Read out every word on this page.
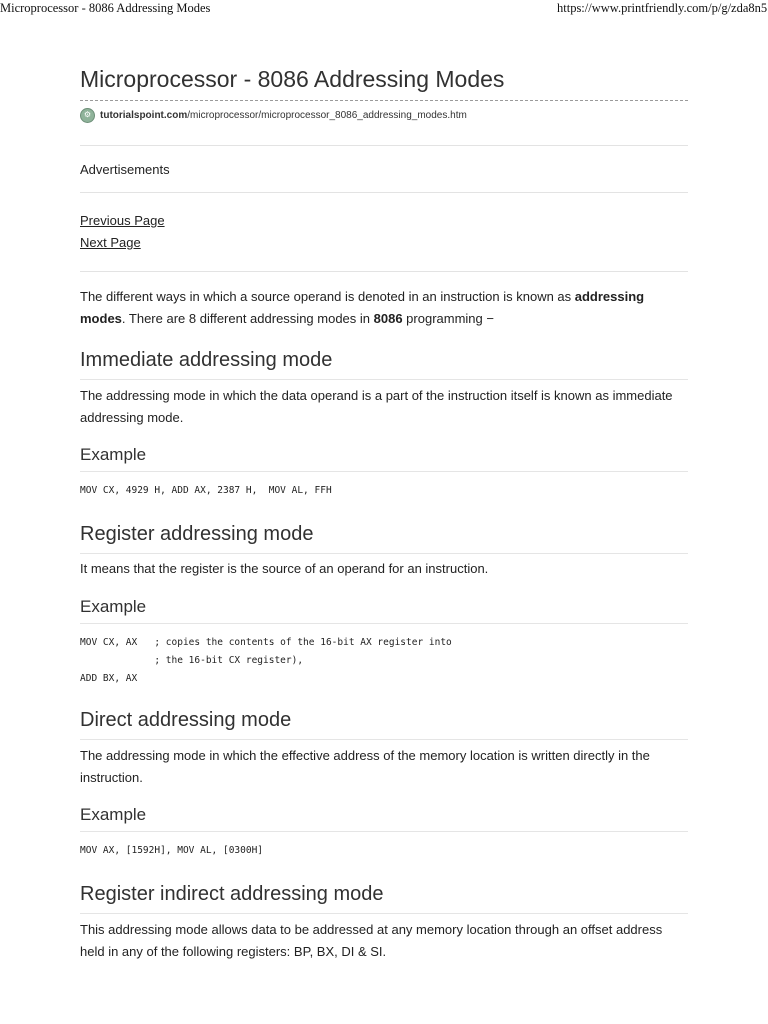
Microprocessor - 8086 Addressing Modes	https://www.printfriendly.com/p/g/zda8n5
Microprocessor - 8086 Addressing Modes
⚙ tutorialspoint.com /microprocessor/microprocessor_8086_addressing_modes.htm
Advertisements
Previous Page
Next Page

The different ways in which a source operand is denoted in an instruction is known as addressing modes. There are 8 different addressing modes in 8086 programming −

Immediate addressing mode

The addressing mode in which the data operand is a part of the instruction itself is known as immediate addressing mode.

Example
MOV CX, 4929 H, ADD AX, 2387 H,  MOV AL, FFH
Register addressing mode

It means that the register is the source of an operand for an instruction.

Example
MOV CX, AX   ; copies the contents of the 16-bit AX register into
; the 16-bit CX register),
ADD BX, AX
Direct addressing mode

The addressing mode in which the effective address of the memory location is written directly in the instruction.

Example
MOV AX, [1592H], MOV AL, [0300H]
Register indirect addressing mode

This addressing mode allows data to be addressed at any memory location through an offset address held in any of the following registers: BP, BX, DI & SI.
